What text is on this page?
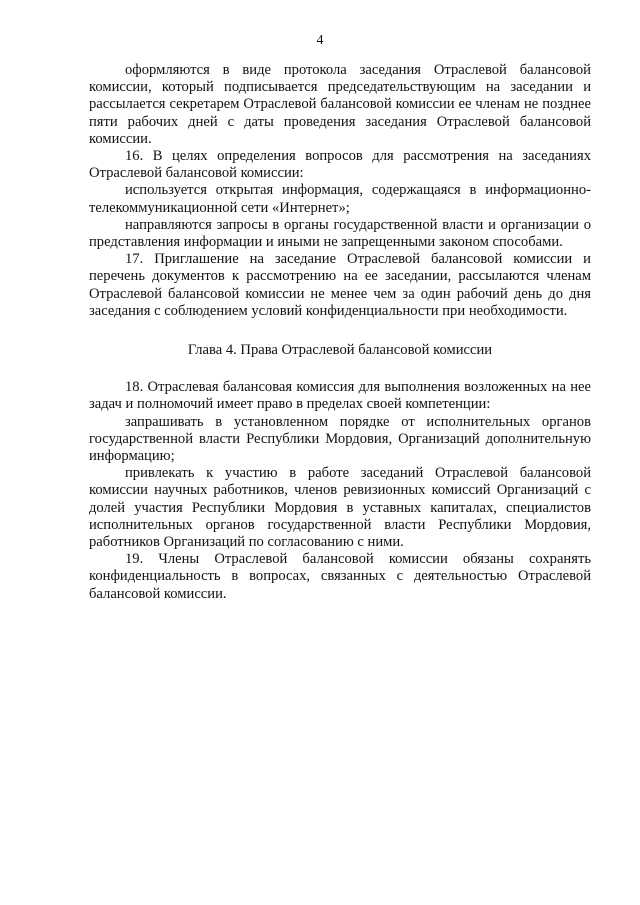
4

оформляются в виде протокола заседания Отраслевой балансовой комиссии, который подписывается председательствующим на заседании и рассылается секретарем Отраслевой балансовой комиссии ее членам не позднее пяти рабочих дней с даты проведения заседания Отраслевой балансовой комиссии.

16. В целях определения вопросов для рассмотрения на заседаниях Отраслевой балансовой комиссии:

используется открытая информация, содержащаяся в информационно-телекоммуникационной сети «Интернет»;

направляются запросы в органы государственной власти и организации о представления информации и иными не запрещенными законом способами.

17. Приглашение на заседание Отраслевой балансовой комиссии и перечень документов к рассмотрению на ее заседании, рассылаются членам Отраслевой балансовой комиссии не менее чем за один рабочий день до дня заседания с соблюдением условий конфиденциальности при необходимости.

Глава 4. Права Отраслевой балансовой комиссии

18. Отраслевая балансовая комиссия для выполнения возложенных на нее задач и полномочий имеет право в пределах своей компетенции:

запрашивать в установленном порядке от исполнительных органов государственной власти Республики Мордовия, Организаций дополнительную информацию;

привлекать к участию в работе заседаний Отраслевой балансовой комиссии научных работников, членов ревизионных комиссий Организаций с долей участия Республики Мордовия в уставных капиталах, специалистов исполнительных органов государственной власти Республики Мордовия, работников Организаций по согласованию с ними.

19. Члены Отраслевой балансовой комиссии обязаны сохранять конфиденциальность в вопросах, связанных с деятельностью Отраслевой балансовой комиссии.
